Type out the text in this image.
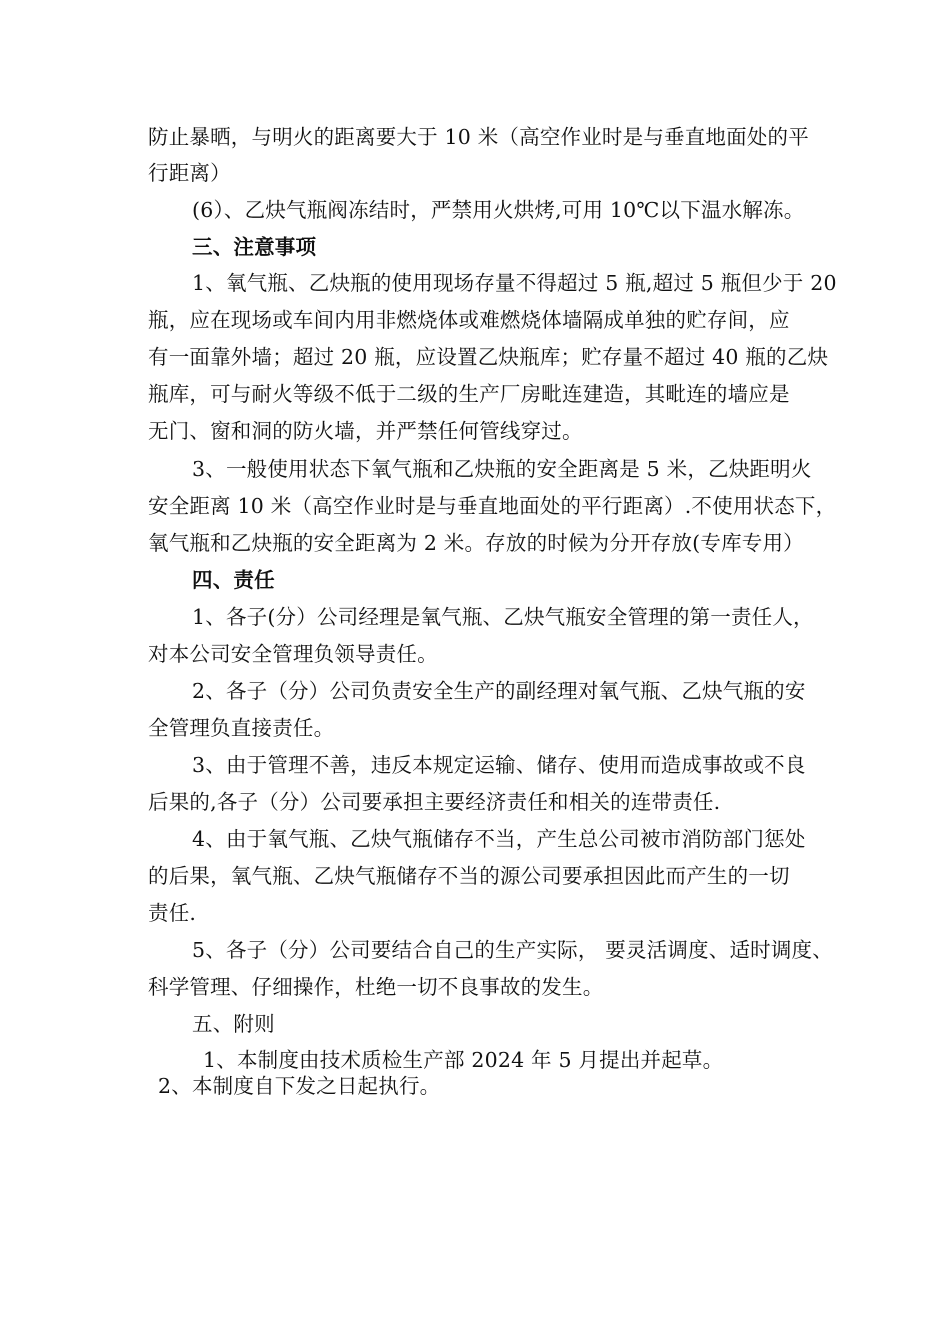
防止暴晒，与明火的距离要大于 10 米（高空作业时是与垂直地面处的平
行距离）
(6）、乙炔气瓶阀冻结时，严禁用火烘烤,可用 10℃以下温水解冻。
三、注意事项
1、氧气瓶、乙炔瓶的使用现场存量不得超过 5 瓶,超过 5 瓶但少于 20
瓶，应在现场或车间内用非燃烧体或难燃烧体墙隔成单独的贮存间，应
有一面靠外墙；超过 20 瓶，应设置乙炔瓶库；贮存量不超过 40 瓶的乙炔
瓶库，可与耐火等级不低于二级的生产厂房毗连建造，其毗连的墙应是
无门、窗和洞的防火墙，并严禁任何管线穿过。
3、一般使用状态下氧气瓶和乙炔瓶的安全距离是 5 米，乙炔距明火
安全距离 10 米（高空作业时是与垂直地面处的平行距离）.不使用状态下，
氧气瓶和乙炔瓶的安全距离为 2 米。存放的时候为分开存放(专库专用）
四、责任
1、各子(分）公司经理是氧气瓶、乙炔气瓶安全管理的第一责任人，
对本公司安全管理负领导责任。
2、各子（分）公司负责安全生产的副经理对氧气瓶、乙炔气瓶的安
全管理负直接责任。
3、由于管理不善，违反本规定运输、储存、使用而造成事故或不良
后果的,各子（分）公司要承担主要经济责任和相关的连带责任.
4、由于氧气瓶、乙炔气瓶储存不当，产生总公司被市消防部门惩处
的后果，氧气瓶、乙炔气瓶储存不当的源公司要承担因此而产生的一切
责任.
5、各子（分）公司要结合自己的生产实际， 要灵活调度、适时调度、
科学管理、仔细操作，杜绝一切不良事故的发生。
五、附则
1、本制度由技术质检生产部 2024 年 5 月提出并起草。
2、本制度自下发之日起执行。
